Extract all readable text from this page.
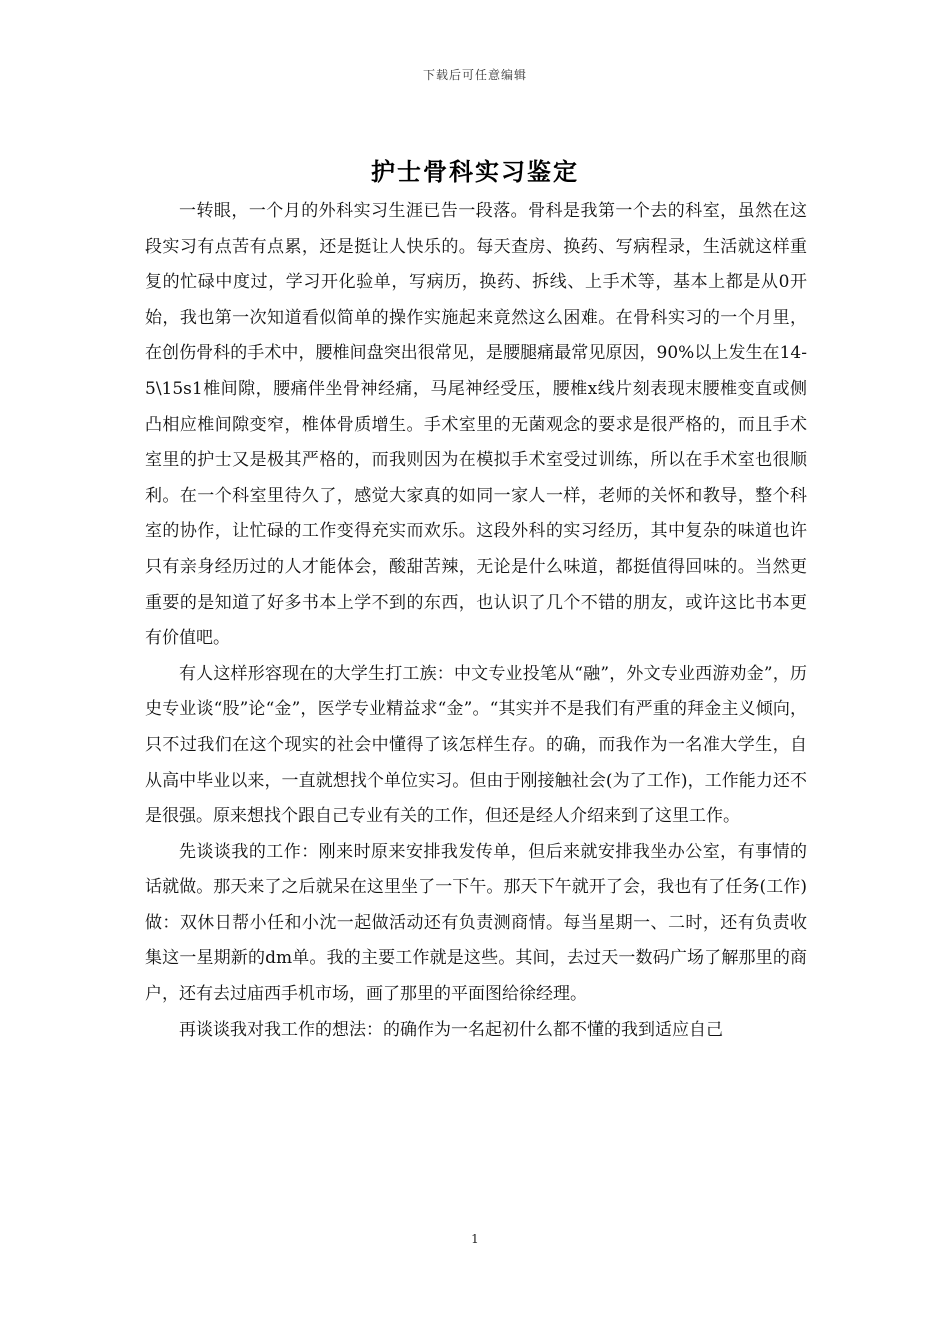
下载后可任意编辑
护士骨科实习鉴定

一转眼，一个月的外科实习生涯已告一段落。骨科是我第一个去的科室，虽然在这段实习有点苦有点累，还是挺让人快乐的。每天查房、换药、写病程录，生活就这样重复的忙碌中度过，学习开化验单，写病历，换药、拆线、上手术等，基本上都是从0开始，我也第一次知道看似简单的操作实施起来竟然这么困难。在骨科实习的一个月里，在创伤骨科的手术中，腰椎间盘突出很常见，是腰腿痛最常见原因，90%以上发生在14-5\15s1椎间隙，腰痛伴坐骨神经痛，马尾神经受压，腰椎x线片刻表现末腰椎变直或侧凸相应椎间隙变窄，椎体骨质增生。手术室里的无菌观念的要求是很严格的，而且手术室里的护士又是极其严格的，而我则因为在模拟手术室受过训练，所以在手术室也很顺利。在一个科室里待久了，感觉大家真的如同一家人一样，老师的关怀和教导，整个科室的协作，让忙碌的工作变得充实而欢乐。这段外科的实习经历，其中复杂的味道也许只有亲身经历过的人才能体会，酸甜苦辣，无论是什么味道，都挺值得回味的。当然更重要的是知道了好多书本上学不到的东西，也认识了几个不错的朋友，或许这比书本更有价值吧。

有人这样形容现在的大学生打工族：中文专业投笔从“融”，外文专业西游劝金”，历史专业谈“股”论“金”，医学专业精益求“金”。“其实并不是我们有严重的拜金主义倾向，只不过我们在这个现实的社会中懂得了该怎样生存。的确，而我作为一名准大学生，自从高中毕业以来，一直就想找个单位实习。但由于刚接触社会(为了工作)，工作能力还不是很强。原来想找个跟自己专业有关的工作，但还是经人介绍来到了这里工作。

先谈谈我的工作：刚来时原来安排我发传单，但后来就安排我坐办公室，有事情的话就做。那天来了之后就呆在这里坐了一下午。那天下午就开了会，我也有了任务(工作)做：双休日帮小任和小沈一起做活动还有负责测商情。每当星期一、二时，还有负责收集这一星期新的dm单。我的主要工作就是这些。其间，去过天一数码广场了解那里的商户，还有去过庙西手机市场，画了那里的平面图给徐经理。

再谈谈我对我工作的想法：的确作为一名起初什么都不懂的我到适应自己

1
